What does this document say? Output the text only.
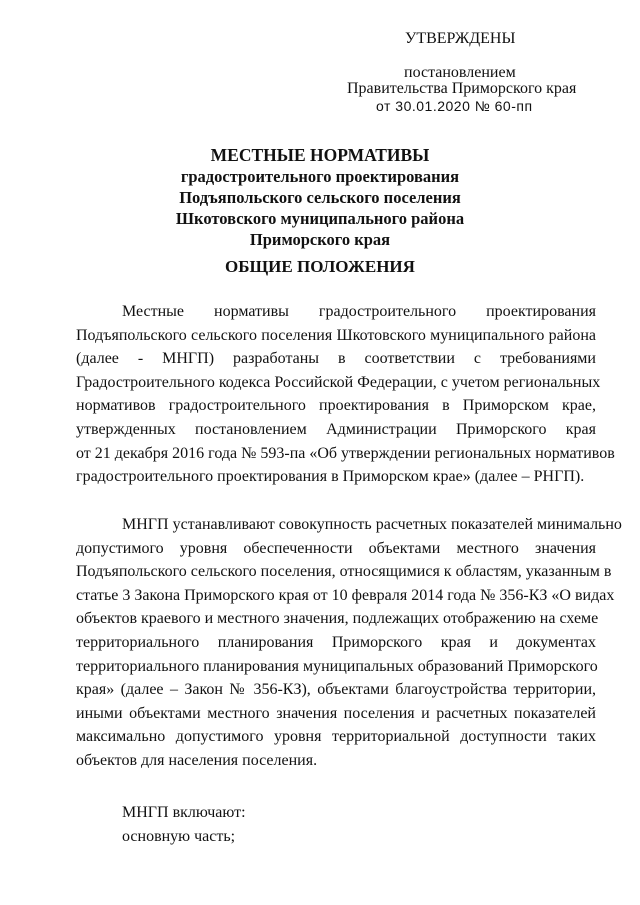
УТВЕРЖДЕНЫ
постановлением
Правительства Приморского края
от 30.01.2020 № 60-пп
МЕСТНЫЕ НОРМАТИВЫ
градостроительного проектирования
Подъяпольского сельского поселения
Шкотовского муниципального района
Приморского края
ОБЩИЕ ПОЛОЖЕНИЯ
Местные нормативы градостроительного проектирования
Подъяпольского сельского поселения Шкотовского муниципального района
(далее - МНГП) разработаны в соответствии с требованиями
Градостроительного кодекса Российской Федерации, с учетом региональных
нормативов градостроительного проектирования в Приморском крае,
утвержденных постановлением Администрации Приморского края
от 21 декабря 2016 года № 593-па «Об утверждении региональных нормативов
градостроительного проектирования в Приморском крае» (далее – РНГП).
МНГП устанавливают совокупность расчетных показателей минимально
допустимого уровня обеспеченности объектами местного значения
Подъяпольского сельского поселения, относящимися к областям, указанным в
статье 3 Закона Приморского края от 10 февраля 2014 года № 356-КЗ «О видах
объектов краевого и местного значения, подлежащих отображению на схеме
территориального планирования Приморского края и документах
территориального планирования муниципальных образований Приморского
края» (далее – Закон № 356-КЗ), объектами благоустройства территории,
иными объектами местного значения поселения и расчетных показателей
максимально допустимого уровня территориальной доступности таких
объектов для населения поселения.
МНГП включают:
основную часть;
